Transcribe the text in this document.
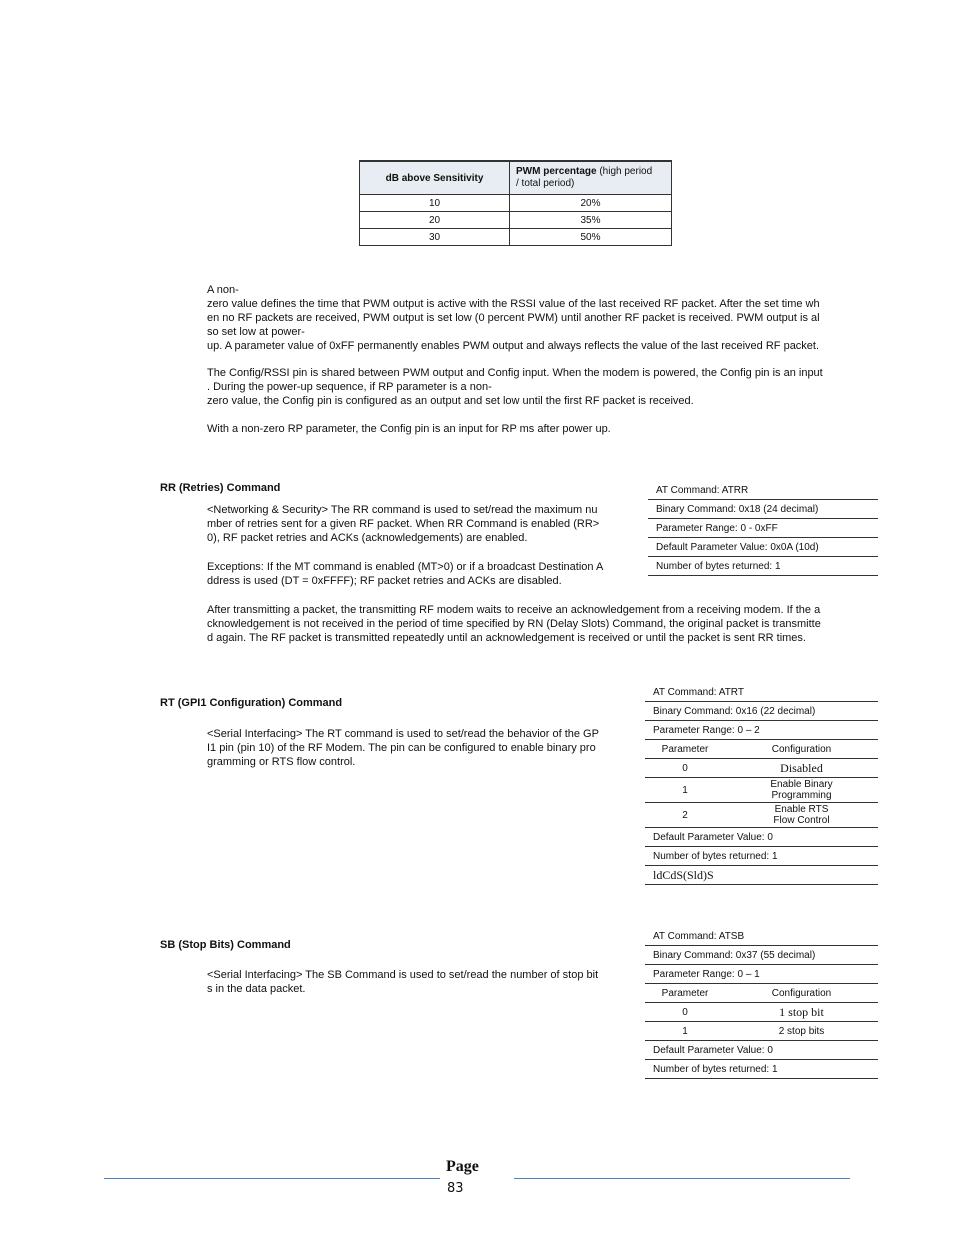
dB above Sensitivity	PWM percentage (high period
/ total period)
10	20%
20	35%
30	50%
A non-
zero value defines the time that PWM output is active with the RSSI value of the last received RF packet. After the set time wh
en no RF packets are received, PWM output is set low (0 percent PWM) until another RF packet is received. PWM output is al
so set low at power-
up. A parameter value of 0xFF permanently enables PWM output and always reflects the value of the last received RF packet.
The Config/RSSI pin is shared between PWM output and Config input. When the modem is powered, the Config pin is an input
. During the power-up sequence, if RP parameter is a non-
zero value, the Config pin is configured as an output and set low until the first RF packet is received.
With a non-zero RP parameter, the Config pin is an input for RP ms after power up.
RR (Retries) Command
<Networking & Security> The RR command is used to set/read the maximum nu
mber of retries sent for a given RF packet. When RR Command is enabled (RR>
0), RF packet retries and ACKs (acknowledgements) are enabled.
Exceptions: If the MT command is enabled (MT>0) or if a broadcast Destination A
ddress is used (DT = 0xFFFF); RF packet retries and ACKs are disabled.
After transmitting a packet, the transmitting RF modem waits to receive an acknowledgement from a receiving modem. If the a
cknowledgement is not received in the period of time specified by RN (Delay Slots) Command, the original packet is transmitte
d again. The RF packet is transmitted repeatedly until an acknowledgement is received or until the packet is sent RR times.
AT Command: ATRR
Binary Command: 0x18 (24 decimal)
Parameter Range: 0 - 0xFF
Default Parameter Value: 0x0A (10d)
Number of bytes returned: 1
RT (GPI1 Configuration) Command
<Serial Interfacing> The RT command is used to set/read the behavior of the GP
I1 pin (pin 10) of the RF Modem. The pin can be configured to enable binary pro
gramming or RTS flow control.
AT Command: ATRT
Binary Command: 0x16 (22 decimal)
Parameter Range: 0 – 2
Parameter	Configuration
0	Disabled
1	Enable Binary
Programming
2	Enable RTS
Flow Control
Default Parameter Value: 0
Number of bytes returned: 1
ldCdS(Sld)S
SB (Stop Bits) Command
<Serial Interfacing> The SB Command is used to set/read the number of stop bit
s in the data packet.
AT Command: ATSB
Binary Command: 0x37 (55 decimal)
Parameter Range: 0 – 1
Parameter	Configuration
0	1 stop bit
1	2 stop bits
Default Parameter Value: 0
Number of bytes returned: 1
Page
83
